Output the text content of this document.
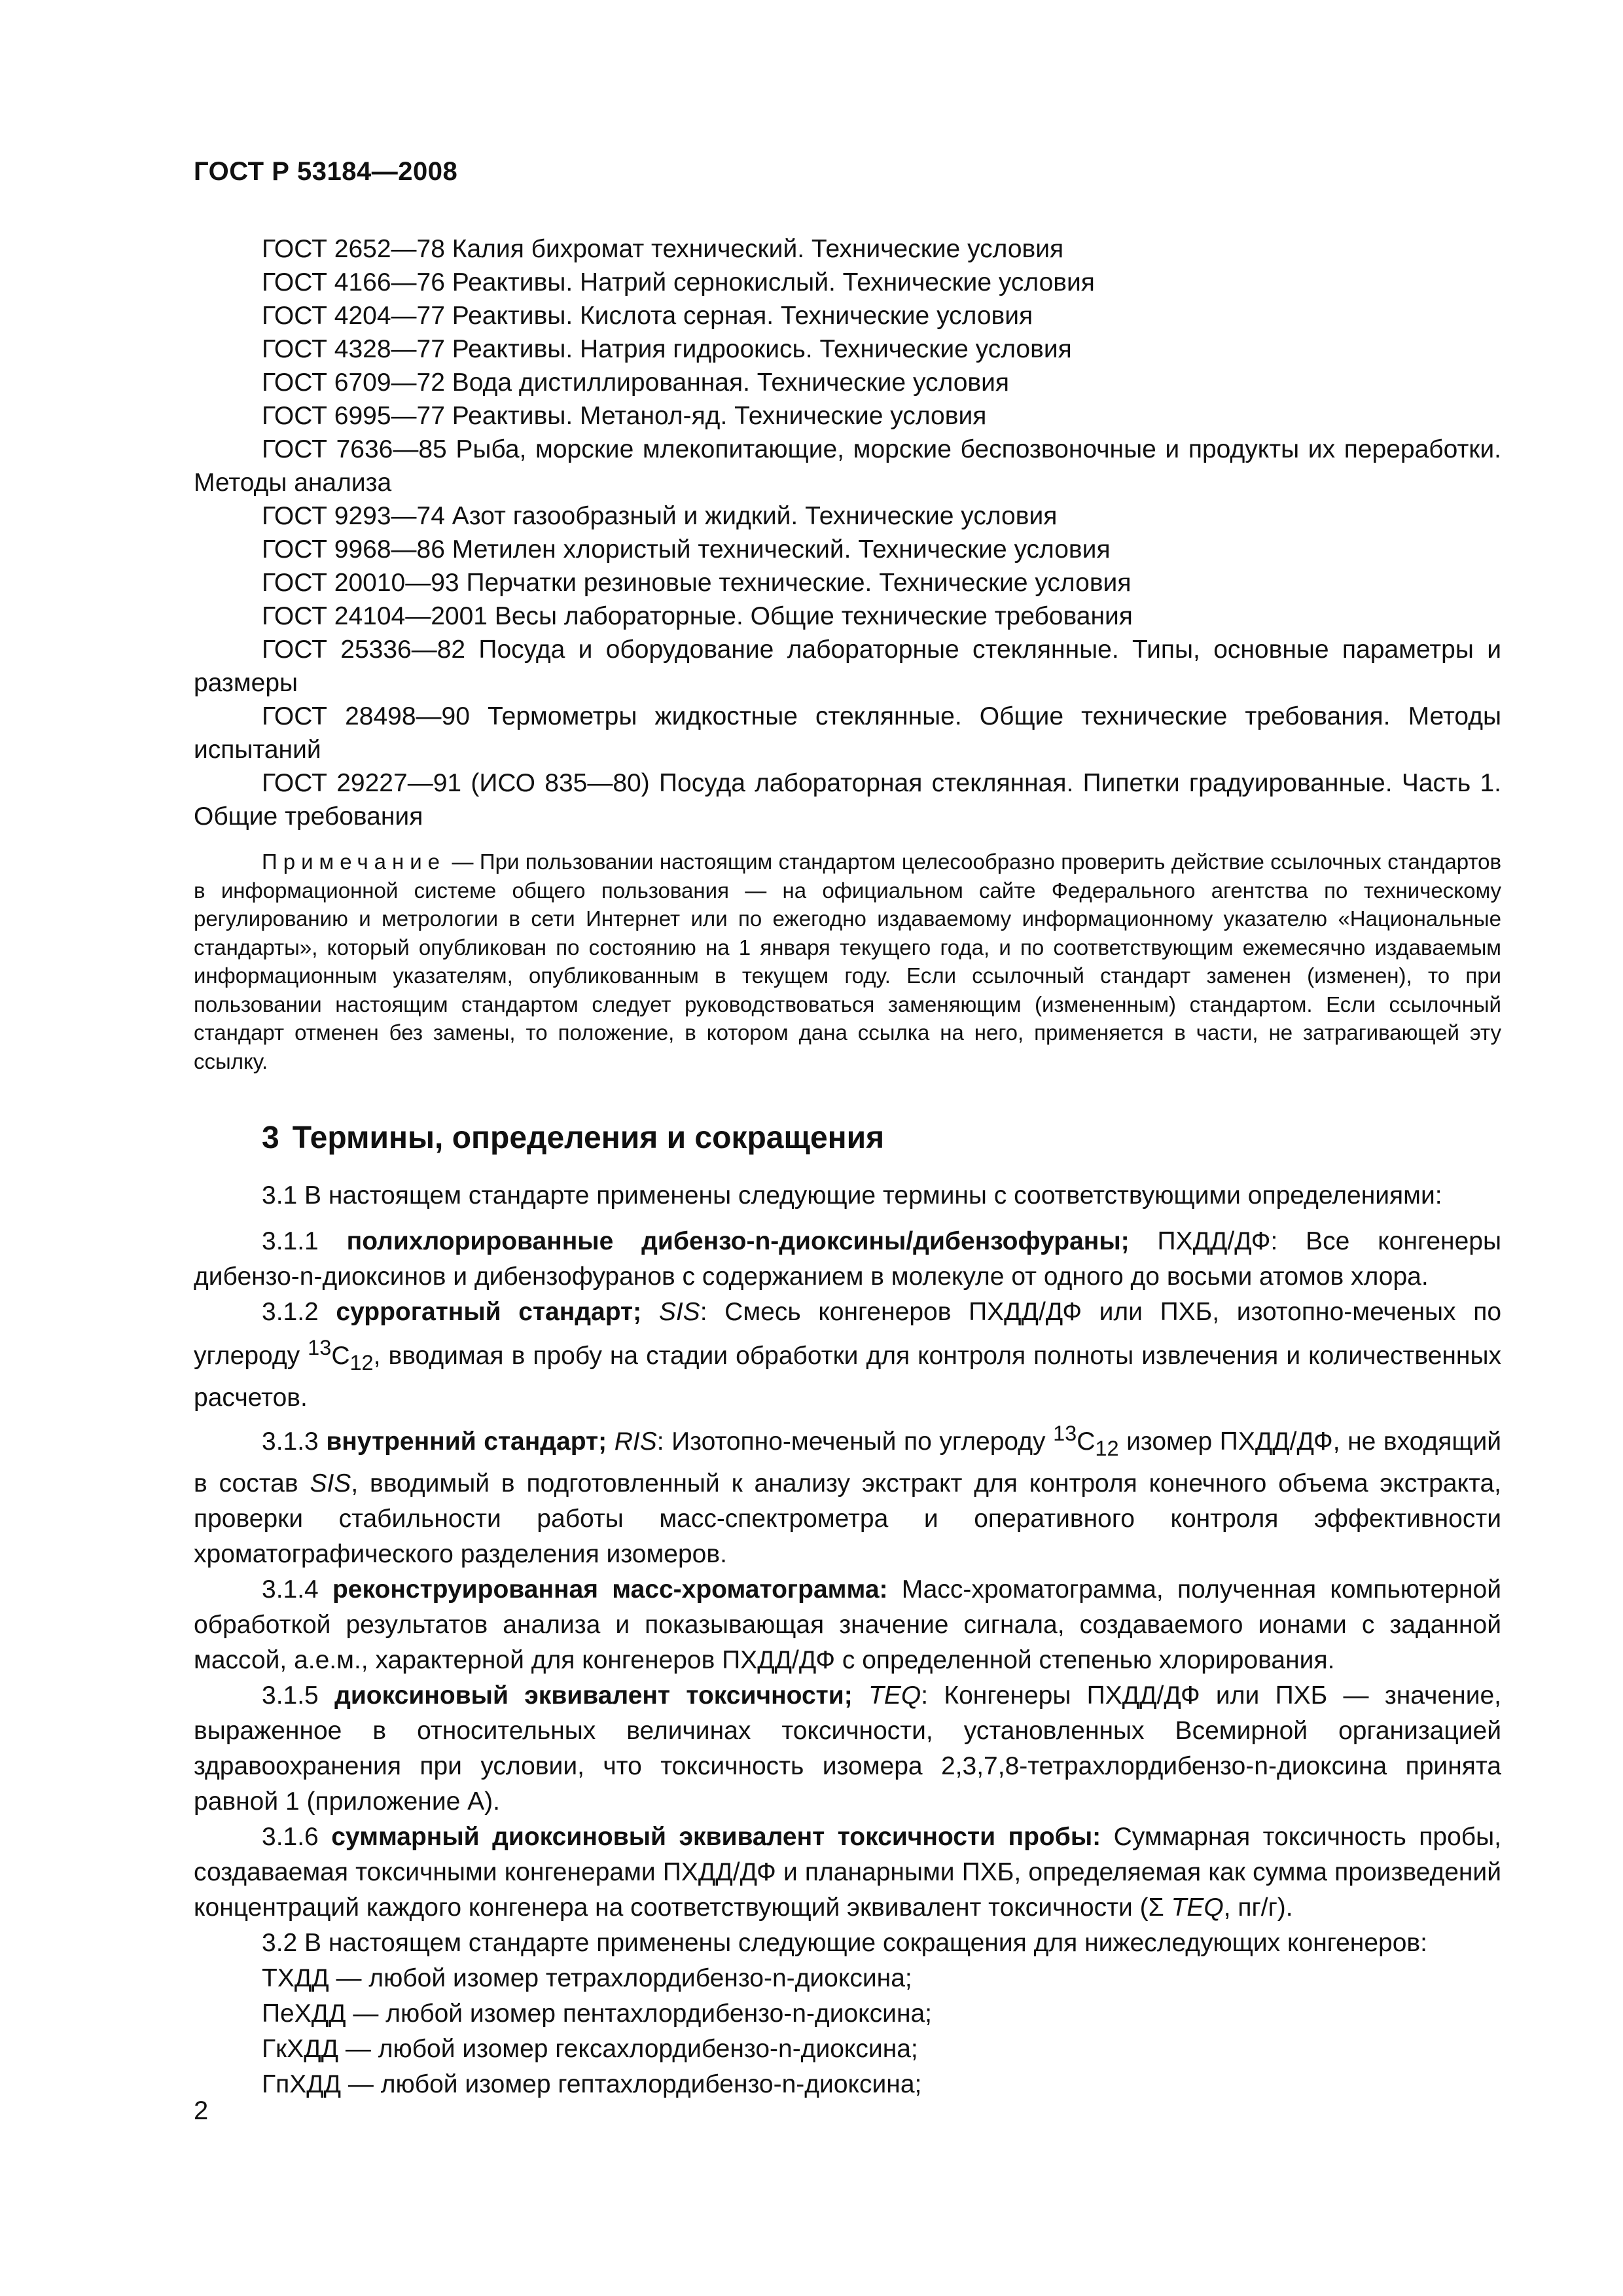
ГОСТ Р 53184—2008

ГОСТ 2652—78 Калия бихромат технический. Технические условия

ГОСТ 4166—76 Реактивы. Натрий сернокислый. Технические условия

ГОСТ 4204—77 Реактивы. Кислота серная. Технические условия

ГОСТ 4328—77 Реактивы. Натрия гидроокись. Технические условия

ГОСТ 6709—72 Вода дистиллированная. Технические условия

ГОСТ 6995—77 Реактивы. Метанол-яд. Технические условия

ГОСТ 7636—85 Рыба, морские млекопитающие, морские беспозвоночные и продукты их переработки. Методы анализа

ГОСТ 9293—74 Азот газообразный и жидкий. Технические условия

ГОСТ 9968—86 Метилен хлористый технический. Технические условия

ГОСТ 20010—93 Перчатки резиновые технические. Технические условия

ГОСТ 24104—2001 Весы лабораторные. Общие технические требования

ГОСТ 25336—82 Посуда и оборудование лабораторные стеклянные. Типы, основные параметры и размеры

ГОСТ 28498—90 Термометры жидкостные стеклянные. Общие технические требования. Методы испытаний

ГОСТ 29227—91 (ИСО 835—80) Посуда лабораторная стеклянная. Пипетки градуированные. Часть 1. Общие требования

Примечание — При пользовании настоящим стандартом целесообразно проверить действие ссылочных стандартов в информационной системе общего пользования — на официальном сайте Федерального агентства по техническому регулированию и метрологии в сети Интернет или по ежегодно издаваемому информационному указателю «Национальные стандарты», который опубликован по состоянию на 1 января текущего года, и по соответствующим ежемесячно издаваемым информационным указателям, опубликованным в текущем году. Если ссылочный стандарт заменен (изменен), то при пользовании настоящим стандартом следует руководствоваться заменяющим (измененным) стандартом. Если ссылочный стандарт отменен без замены, то положение, в котором дана ссылка на него, применяется в части, не затрагивающей эту ссылку.

3 Термины, определения и сокращения

3.1 В настоящем стандарте применены следующие термины с соответствующими определениями:

3.1.1 полихлорированные дибензо-n-диоксины/дибензофураны; ПХДД/ДФ: Все конгенеры дибензо-n-диоксинов и дибензофуранов с содержанием в молекуле от одного до восьми атомов хлора.

3.1.2 суррогатный стандарт; SIS: Смесь конгенеров ПХДД/ДФ или ПХБ, изотопно-меченых по углероду $^{13}C_{12}$, вводимая в пробу на стадии обработки для контроля полноты извлечения и количественных расчетов.

3.1.3 внутренний стандарт; RIS: Изотопно-меченый по углероду $^{13}C_{12}$ изомер ПХДД/ДФ, не входящий в состав SIS, вводимый в подготовленный к анализу экстракт для контроля конечного объема экстракта, проверки стабильности работы масс-спектрометра и оперативного контроля эффективности хроматографического разделения изомеров.

3.1.4 реконструированная масс-хроматограмма: Масс-хроматограмма, полученная компьютерной обработкой результатов анализа и показывающая значение сигнала, создаваемого ионами с заданной массой, а.е.м., характерной для конгенеров ПХДД/ДФ с определенной степенью хлорирования.

3.1.5 диоксиновый эквивалент токсичности; TEQ: Конгенеры ПХДД/ДФ или ПХБ — значение, выраженное в относительных величинах токсичности, установленных Всемирной организацией здравоохранения при условии, что токсичность изомера 2,3,7,8-тетрахлордибензо-n-диоксина принята равной 1 (приложение А).

3.1.6 суммарный диоксиновый эквивалент токсичности пробы: Суммарная токсичность пробы, создаваемая токсичными конгенерами ПХДД/ДФ и планарными ПХБ, определяемая как сумма произведений концентраций каждого конгенера на соответствующий эквивалент токсичности (Σ TEQ, пг/г).

3.2 В настоящем стандарте применены следующие сокращения для нижеследующих конгенеров:

ТХДД — любой изомер тетрахлордибензо-n-диоксина;

ПеХДД — любой изомер пентахлордибензо-n-диоксина;

ГкХДД — любой изомер гексахлордибензо-n-диоксина;

ГпХДД — любой изомер гептахлордибензо-n-диоксина;

2
